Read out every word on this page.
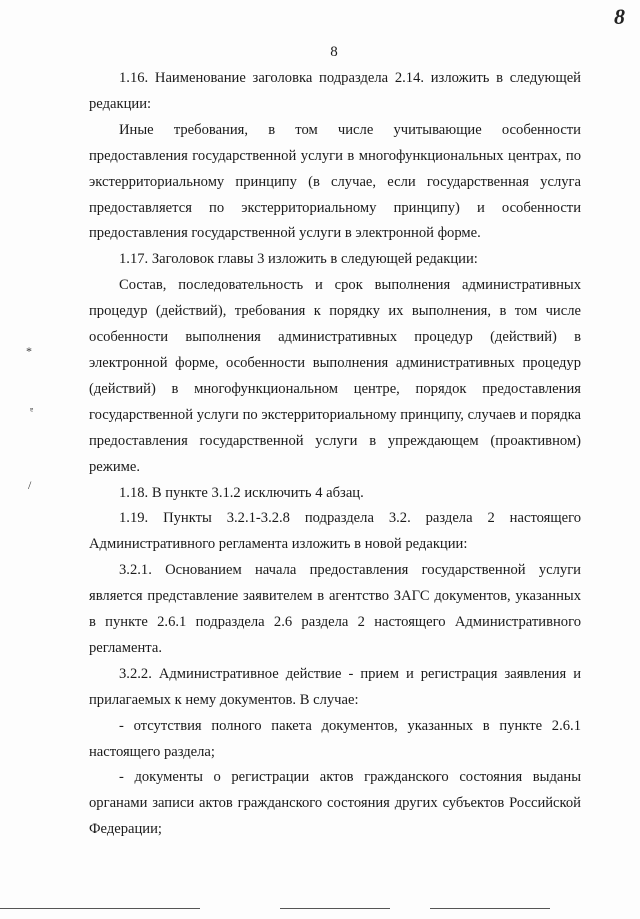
8
8

1.16. Наименование заголовка подраздела 2.14. изложить в следующей редакции:

Иные требования, в том числе учитывающие особенности предоставления государственной услуги в многофункциональных центрах, по экстерриториальному принципу (в случае, если государственная услуга предоставляется по экстерриториальному принципу) и особенности предоставления государственной услуги в электронной форме.

1.17. Заголовок главы 3 изложить в следующей редакции:

Состав, последовательность и срок выполнения административных процедур (действий), требования к порядку их выполнения, в том числе особенности выполнения административных процедур (действий) в электронной форме, особенности выполнения административных процедур (действий) в многофункциональном центре, порядок предоставления государственной услуги по экстерриториальному принципу, случаев и порядка предоставления государственной услуги в упреждающем (проактивном) режиме.

1.18. В пункте 3.1.2 исключить 4 абзац.

1.19. Пункты 3.2.1-3.2.8 подраздела 3.2. раздела 2 настоящего Административного регламента изложить в новой редакции:

3.2.1. Основанием начала предоставления государственной услуги является представление заявителем в агентство ЗАГС документов, указанных в пункте 2.6.1 подраздела 2.6 раздела 2 настоящего Административного регламента.

3.2.2. Административное действие - прием и регистрация заявления и прилагаемых к нему документов. В случае:

- отсутствия полного пакета документов, указанных в пункте 2.6.1 настоящего раздела;

- документы о регистрации актов гражданского состояния выданы органами записи актов гражданского состояния других субъектов Российской Федерации;

*
ᵄ
/
